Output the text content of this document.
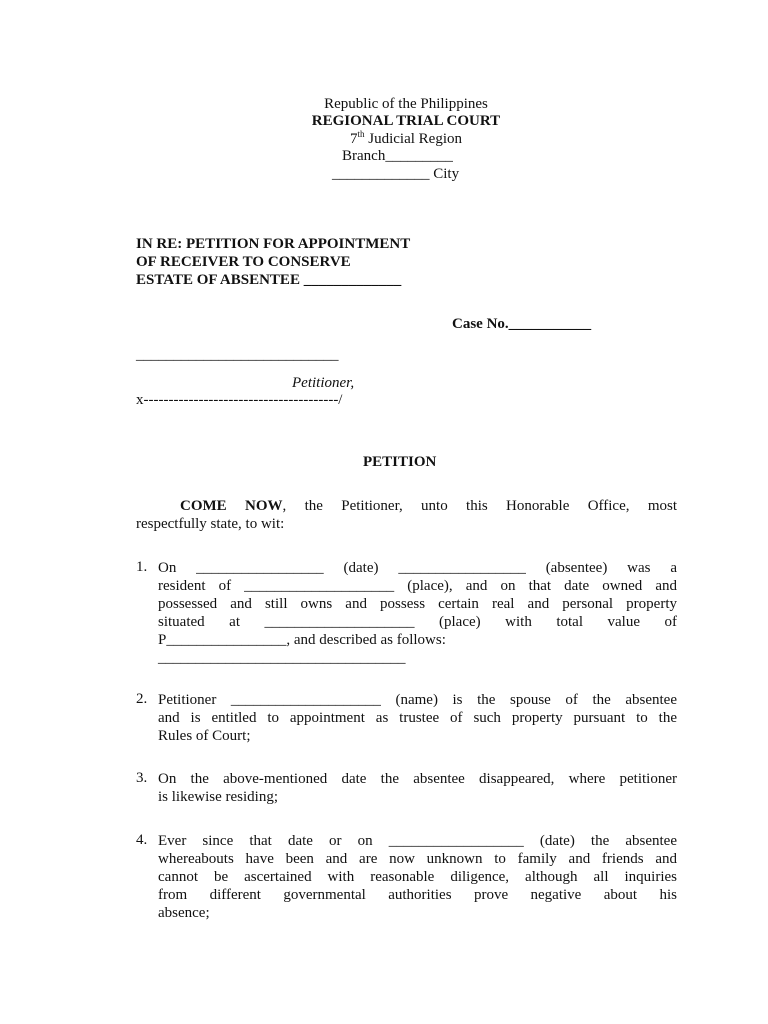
Republic of the Philippines
REGIONAL TRIAL COURT
7th Judicial Region
Branch_________
_____________ City
IN RE: PETITION FOR APPOINTMENT
OF RECEIVER TO CONSERVE
ESTATE OF ABSENTEE _____________
Case No.___________
___________________________
Petitioner,
x---------------------------------------/
PETITION
COME NOW, the Petitioner, unto this Honorable Office, most
respectfully state, to wit:
1. On _________________ (date) _________________ (absentee) was a
resident of ____________________ (place), and on that date owned and
possessed and still owns and possess certain real and personal property
situated at ____________________ (place) with total value of
P________________, and described as follows:
_________________________________
2. Petitioner ____________________ (name) is the spouse of the absentee
and is entitled to appointment as trustee of such property pursuant to the
Rules of Court;
3. On the above-mentioned date the absentee disappeared, where petitioner
is likewise residing;
4. Ever since that date or on __________________ (date) the absentee
whereabouts have been and are now unknown to family and friends and
cannot be ascertained with reasonable diligence, although all inquiries
from different governmental authorities prove negative about his
absence;
